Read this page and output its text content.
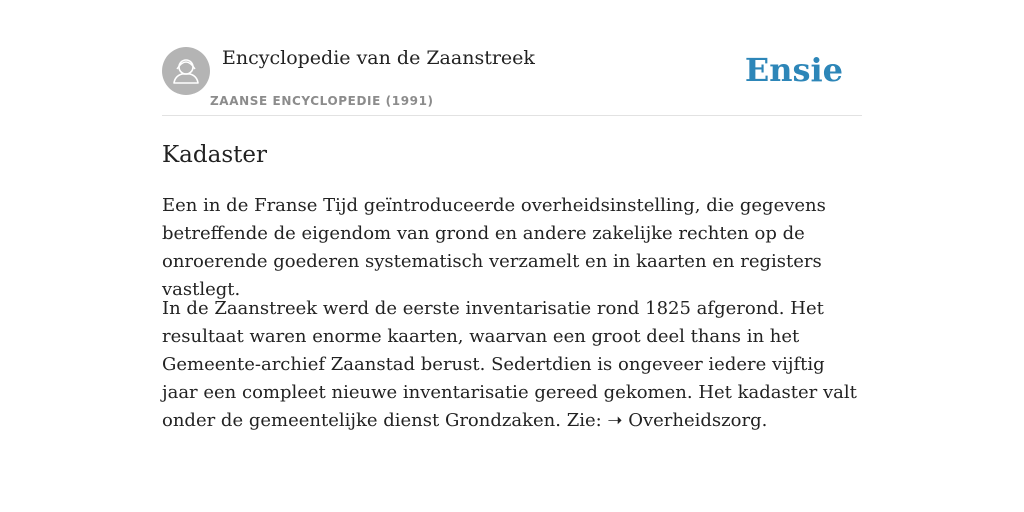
Encyclopedie van de Zaanstreek
ZAANSE ENCYCLOPEDIE (1991)
Ensie
Kadaster

Een in de Franse Tijd geïntroduceerde overheidsinstelling, die gegevens betreffende de eigendom van grond en andere zakelijke rechten op de onroerende goederen systematisch verzamelt en in kaarten en registers vastlegt.

In de Zaanstreek werd de eerste inventarisatie rond 1825 afgerond. Het resultaat waren enorme kaarten, waarvan een groot deel thans in het Gemeente-archief Zaanstad berust. Sedertdien is ongeveer iedere vijftig jaar een compleet nieuwe inventarisatie gereed gekomen. Het kadaster valt onder de gemeentelijke dienst Grondzaken. Zie: ➝ Overheidszorg.
